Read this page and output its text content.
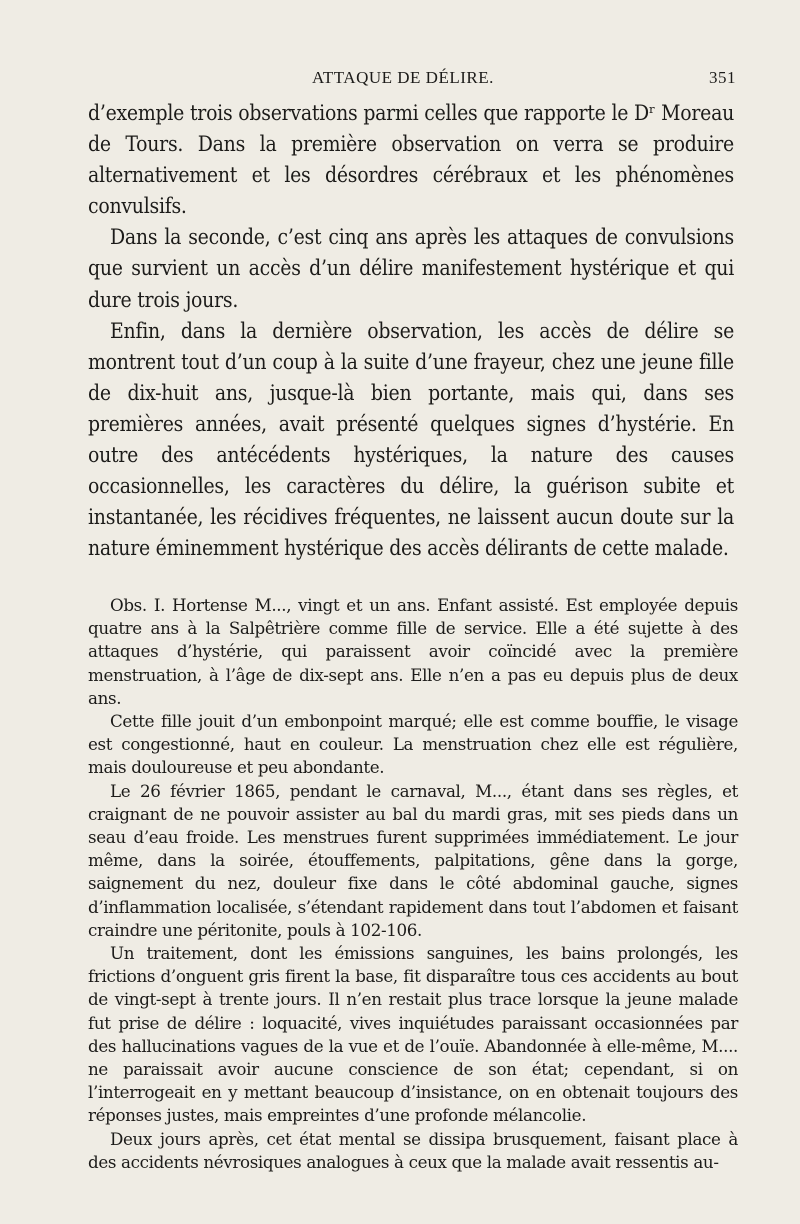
ATTAQUE DE DÉLIRE.	351

d’exemple trois observations parmi celles que rapporte le Dʳ Moreau de Tours. Dans la première observation on verra se produire alternativement et les désordres cérébraux et les phénomènes convulsifs.

Dans la seconde, c’est cinq ans après les attaques de convulsions que survient un accès d’un délire manifestement hystérique et qui dure trois jours.

Enfin, dans la dernière observation, les accès de délire se montrent tout d’un coup à la suite d’une frayeur, chez une jeune fille de dix-huit ans, jusque-là bien portante, mais qui, dans ses premières années, avait présenté quelques signes d’hystérie. En outre des antécédents hystériques, la nature des causes occasionnelles, les caractères du délire, la guérison subite et instantanée, les récidives fréquentes, ne laissent aucun doute sur la nature éminemment hystérique des accès délirants de cette malade.

Obs. I. Hortense M..., vingt et un ans. Enfant assisté. Est employée depuis quatre ans à la Salpêtrière comme fille de service. Elle a été sujette à des attaques d’hystérie, qui paraissent avoir coïncidé avec la première menstruation, à l’âge de dix-sept ans. Elle n’en a pas eu depuis plus de deux ans.

Cette fille jouit d’un embonpoint marqué; elle est comme bouffie, le visage est congestionné, haut en couleur. La menstruation chez elle est régulière, mais douloureuse et peu abondante.

Le 26 février 1865, pendant le carnaval, M..., étant dans ses règles, et craignant de ne pouvoir assister au bal du mardi gras, mit ses pieds dans un seau d’eau froide. Les menstrues furent supprimées immédiatement. Le jour même, dans la soirée, étouffements, palpitations, gêne dans la gorge, saignement du nez, douleur fixe dans le côté abdominal gauche, signes d’inflammation localisée, s’étendant rapidement dans tout l’abdomen et faisant craindre une péritonite, pouls à 102-106.

Un traitement, dont les émissions sanguines, les bains prolongés, les frictions d’onguent gris firent la base, fit disparaître tous ces accidents au bout de vingt-sept à trente jours. Il n’en restait plus trace lorsque la jeune malade fut prise de délire : loquacité, vives inquiétudes paraissant occasionnées par des hallucinations vagues de la vue et de l’ouïe. Abandonnée à elle-même, M.... ne paraissait avoir aucune conscience de son état; cependant, si on l’interrogeait en y mettant beaucoup d’insistance, on en obtenait toujours des réponses justes, mais empreintes d’une profonde mélancolie.

Deux jours après, cet état mental se dissipa brusquement, faisant place à des accidents névrosiques analogues à ceux que la malade avait ressentis au-
